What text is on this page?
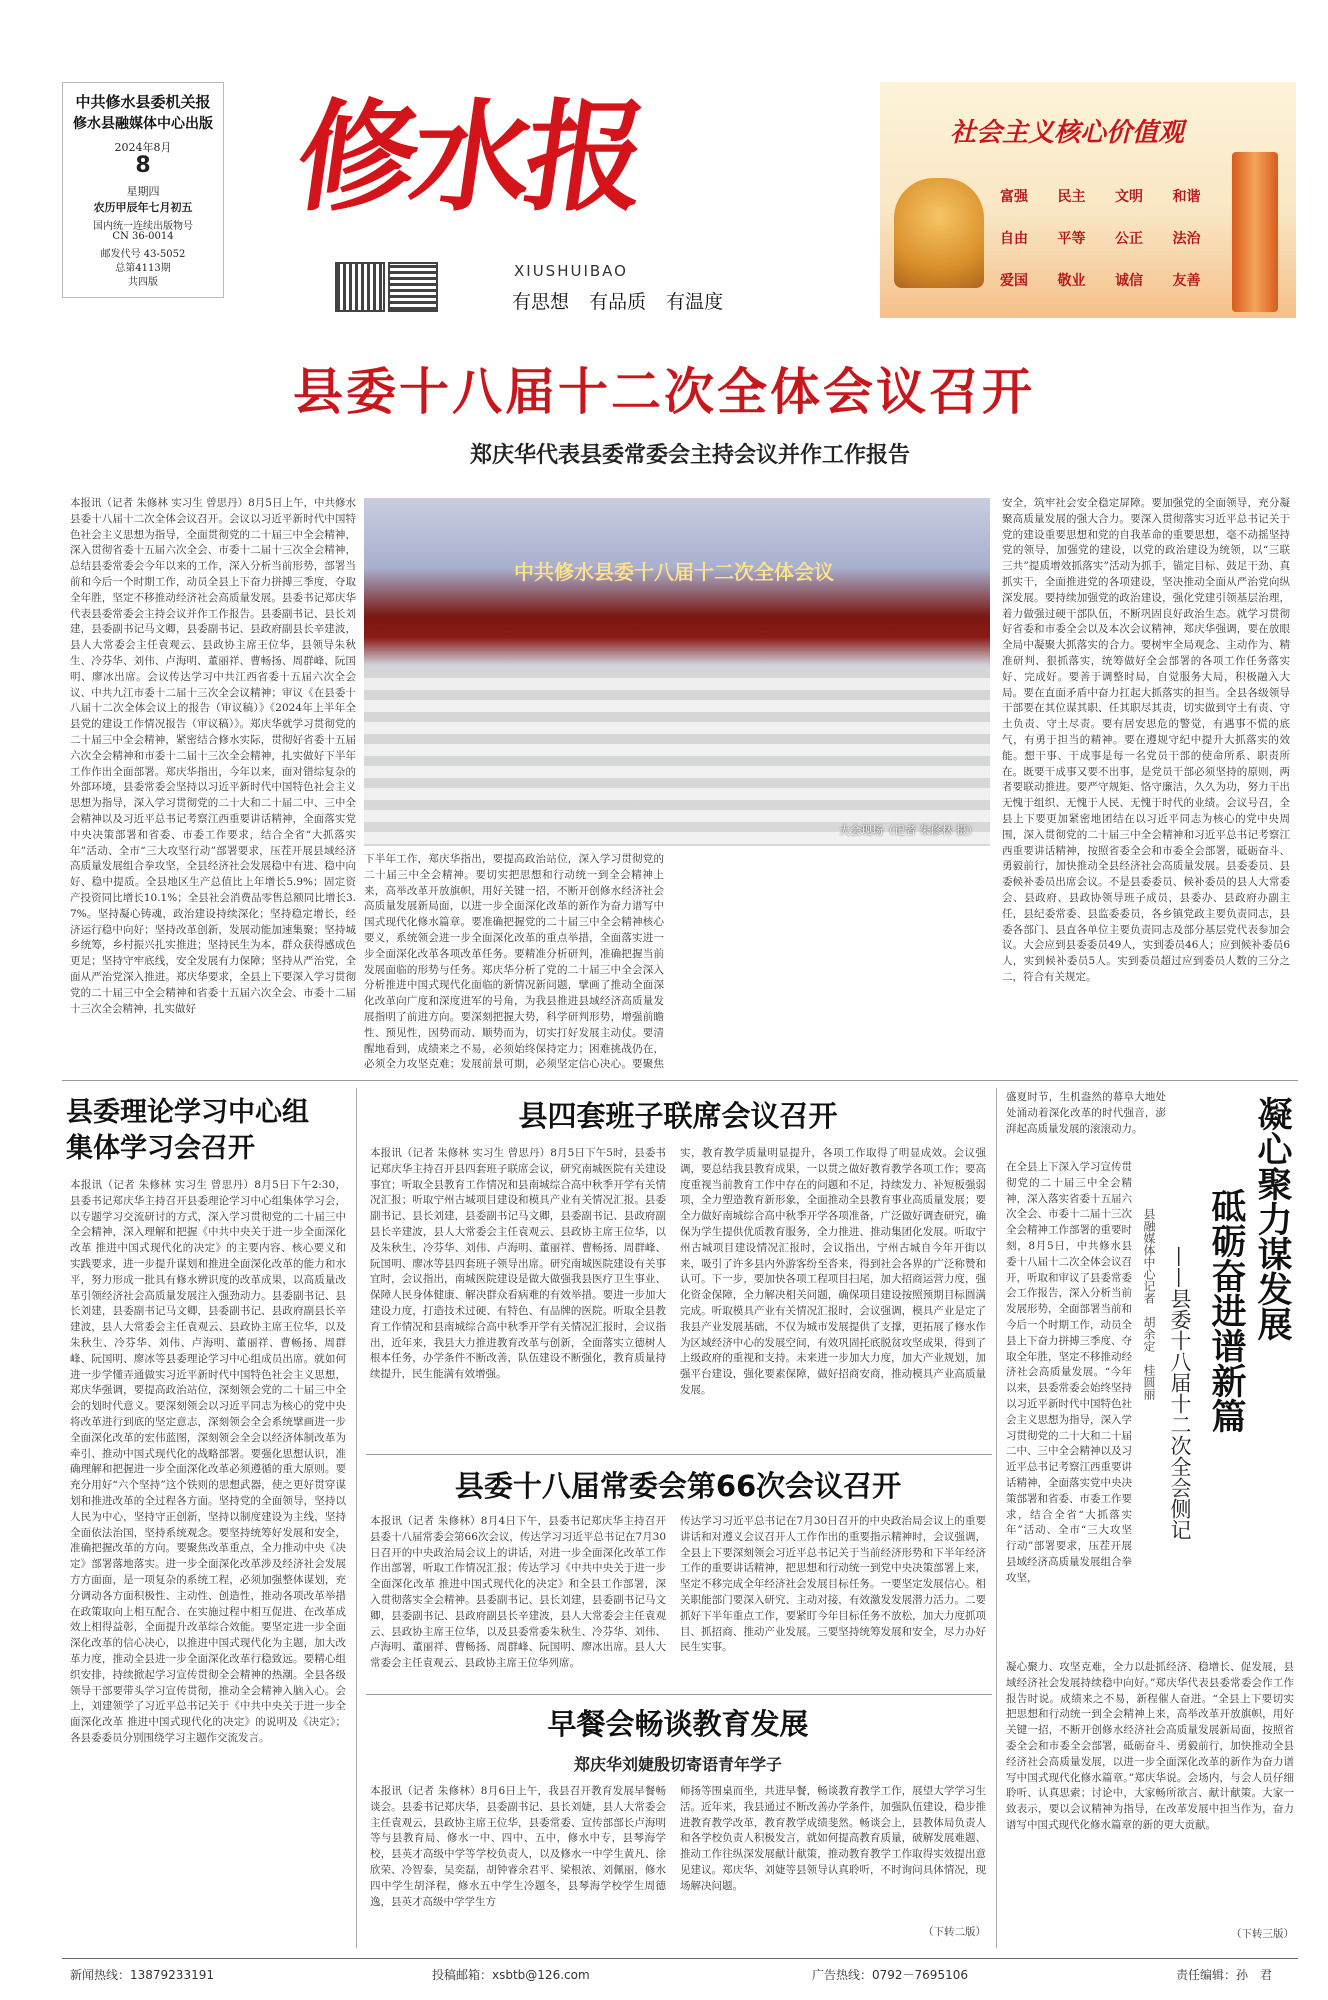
中共修水县委机关报
修水县融媒体中心出版
2024年8月
8
星期四
农历甲辰年七月初五
国内统一连续出版物号
CN 36-0014
邮发代号 43-5052
总第4113期
共四版
修水报
XIUSHUIBAO
有思想 有品质 有温度
社会主义核心价值观
富强	民主	文明	和谐
自由	平等	公正	法治
爱国	敬业	诚信	友善
县委十八届十二次全体会议召开
郑庆华代表县委常委会主持会议并作工作报告
本报讯（记者 朱修林 实习生 曾思丹）8月5日上午，中共修水县委十八届十二次全体会议召开。会议以习近平新时代中国特色社会主义思想为指导，全面贯彻党的二十届三中全会精神，深入贯彻省委十五届六次全会、市委十二届十三次全会精神，总结县委常委会今年以来的工作，深入分析当前形势，部署当前和今后一个时期工作，动员全县上下奋力拼搏三季度，夺取全年胜，坚定不移推动经济社会高质量发展。县委书记郑庆华代表县委常委会主持会议并作工作报告。县委副书记、县长刘建，县委副书记马文卿，县委副书记、县政府副县长辛建波，县人大常委会主任袁观云、县政协主席王位华，县领导朱秋生、冷芬华、刘伟、卢海明、董丽祥、曹畅扬、周群峰、阮国明、廖冰出席。会议传达学习中共江西省委十五届六次全会议、中共九江市委十二届十三次全会议精神；审议《在县委十八届十二次全体会议上的报告（审议稿）》《2024年上半年全县党的建设工作情况报告（审议稿）》。郑庆华就学习贯彻党的二十届三中全会精神，紧密结合修水实际，贯彻好省委十五届六次全会精神和市委十二届十三次全会精神，扎实做好下半年工作作出全面部署。郑庆华指出，今年以来，面对错综复杂的外部环境，县委常委会坚持以习近平新时代中国特色社会主义思想为指导，深入学习贯彻党的二十大和二十届二中、三中全会精神以及习近平总书记考察江西重要讲话精神，全面落实党中央决策部署和省委、市委工作要求，结合全省“大抓落实年”活动、全市“三大攻坚行动”部署要求，压茬开展县域经济高质量发展组合拳攻坚，全县经济社会发展稳中有进、稳中向好、稳中提质。全县地区生产总值比上年增长5.9%；固定资产投资同比增长10.1%；全县社会消费品零售总额同比增长3.7%。坚持凝心铸魂，政治建设持续深化；坚持稳定增长，经济运行稳中向好；坚持改革创新，发展动能加速集聚；坚持城乡统筹，乡村振兴扎实推进；坚持民生为本，群众获得感成色更足；坚持守牢底线，安全发展有力保障；坚持从严治党，全面从严治党深入推进。郑庆华要求，全县上下要深入学习贯彻党的二十届三中全会精神和省委十五届六次全会、市委十二届十三次全会精神，扎实做好
中共修水县委十八届十二次全体会议
大会现场（记者 朱修林 摄）
下半年工作，郑庆华指出，要提高政治站位，深入学习贯彻党的二十届三中全会精神。要切实把思想和行动统一到全会精神上来，高举改革开放旗帜，用好关键一招，不断开创修水经济社会高质量发展新局面，以进一步全面深化改革的新作为奋力谱写中国式现代化修水篇章。要准确把握党的二十届三中全会精神核心要义，系统领会进一步全面深化改革的重点举措，全面落实进一步全面深化改革各项改革任务。要精准分析研判，准确把握当前发展面临的形势与任务。郑庆华分析了党的二十届三中全会深入分析推进中国式现代化面临的新情况新问题，擘画了推动全面深化改革向广度和深度进军的号角，为我县推进县域经济高质量发展指明了前进方向。要深刻把握大势，科学研判形势，增强前瞻性、预见性，因势而动、顺势而为，切实打好发展主动仗。要清醒地看到，成绩来之不易，必须始终保持定力；困难挑战仍在，必须全力攻坚克难；发展前景可期，必须坚定信心决心。要聚焦
安全，筑牢社会安全稳定屏障。要加强党的全面领导，充分凝聚高质量发展的强大合力。要深入贯彻落实习近平总书记关于党的建设重要思想和党的自我革命的重要思想，毫不动摇坚持党的领导，加强党的建设，以党的政治建设为统领，以“三联三共”提质增效抓落实”活动为抓手，锚定目标、鼓足干劲、真抓实干，全面推进党的各项建设，坚决推动全面从严治党向纵深发展。要持续加强党的政治建设，强化党建引领基层治理，着力做强过硬干部队伍，不断巩固良好政治生态。就学习贯彻好省委和市委全会以及本次会议精神，郑庆华强调，要在放眼全局中凝聚大抓落实的合力。要树牢全局观念、主动作为、精准研判、狠抓落实，统筹做好全会部署的各项工作任务落实好、完成好。要善于调整时局，自觉服务大局，积极融入大局。要在直面矛盾中奋力扛起大抓落实的担当。全县各级领导干部要在其位谋其职、任其职尽其责，切实做到守土有责、守土负责、守土尽责。要有居安思危的警觉，有遇事不慌的底气，有勇于担当的精神。要在遵规守纪中提升大抓落实的效能。想干事、干成事是每一名党员干部的使命所系、职责所在。既要干成事又要不出事，是党员干部必须坚持的原则，两者要联动推进。要严守规矩、恪守廉洁，久久为功，努力干出无愧于组织、无愧于人民、无愧于时代的业绩。会议号召，全县上下要更加紧密地团结在以习近平同志为核心的党中央周围，深入贯彻党的二十届三中全会精神和习近平总书记考察江西重要讲话精神，按照省委全会和市委全会部署，砥砺奋斗、勇毅前行，加快推动全县经济社会高质量发展。县委委员、县委候补委员出席会议。不是县委委员、候补委员的县人大常委会、县政府、县政协领导班子成员，县委办、县政府办副主任，县纪委常委、县监委委员，各乡镇党政主要负责同志，县委各部门、县直各单位主要负责同志及部分基层党代表参加会议。大会应到县委委员49人，实到委员46人；应到候补委员6人，实到候补委员5人。实到委员超过应到委员人数的三分之二，符合有关规定。
县委理论学习中心组
集体学习会召开
本报讯（记者 朱修林 实习生 曾思丹）8月5日下午2:30，县委书记郑庆华主持召开县委理论学习中心组集体学习会，以专题学习交流研讨的方式，深入学习贯彻党的二十届三中全会精神，深入理解和把握《中共中央关于进一步全面深化改革 推进中国式现代化的决定》的主要内容、核心要义和实践要求，进一步提升谋划和推进全面深化改革的能力和水平，努力形成一批具有修水辨识度的改革成果，以高质量改革引领经济社会高质量发展注入强劲动力。县委副书记、县长刘建，县委副书记马文卿，县委副书记、县政府副县长辛建波，县人大常委会主任袁观云、县政协主席王位华，以及朱秋生、冷芬华、刘伟、卢海明、董丽祥、曹畅扬、周群峰、阮国明、廖冰等县委理论学习中心组成员出席。就如何进一步学懂弄通做实习近平新时代中国特色社会主义思想，郑庆华强调，要提高政治站位，深刻领会党的二十届三中全会的划时代意义。要深刻领会以习近平同志为核心的党中央将改革进行到底的坚定意志，深刻领会全会系统擘画进一步全面深化改革的宏伟蓝图，深刻领会全会以经济体制改革为牵引、推动中国式现代化的战略部署。要强化思想认识，准确理解和把握进一步全面深化改革必须遵循的重大原则。要充分用好“六个坚持”这个铁则的思想武器，使之更好贯穿谋划和推进改革的全过程各方面。坚持党的全面领导，坚持以人民为中心，坚持守正创新，坚持以制度建设为主线，坚持全面依法治国，坚持系统观念。要坚持统筹好发展和安全，准确把握改革的方向。要聚焦改革重点，全力推动中央《决定》部署落地落实。进一步全面深化改革涉及经济社会发展方方面面，是一项复杂的系统工程，必须加强整体谋划，充分调动各方面积极性、主动性、创造性，推动各项改革举措在政策取向上相互配合、在实施过程中相互促进、在改革成效上相得益彰，全面提升改革综合效能。要坚定进一步全面深化改革的信心决心，以推进中国式现代化为主题，加大改革力度，推动全县进一步全面深化改革行稳致远。要精心组织安排，持续掀起学习宣传贯彻全会精神的热潮。全县各级领导干部要带头学习宣传贯彻，推动全会精神入脑入心。会上，刘建领学了习近平总书记关于《中共中央关于进一步全面深化改革 推进中国式现代化的决定》的说明及《决定》；各县委委员分别围绕学习主题作交流发言。
县四套班子联席会议召开
本报讯（记者 朱修林 实习生 曾思丹）8月5日下午5时，县委书记郑庆华主持召开县四套班子联席会议，研究南城医院有关建设事宜；听取全县教育工作情况和县南城综合高中秋季开学有关情况汇报；听取宁州古城项目建设和模具产业有关情况汇报。县委副书记、县长刘建，县委副书记马文卿，县委副书记、县政府副县长辛建波，县人大常委会主任袁观云、县政协主席王位华，以及朱秋生、冷芬华、刘伟、卢海明、董丽祥、曹畅扬、周群峰、阮国明、廖冰等县四套班子领导出席。研究南城医院建设有关事宜时，会议指出，南城医院建设是做大做强我县医疗卫生事业、保障人民身体健康、解决群众看病难的有效举措。要进一步加大建设力度，打造技术过硬、有特色、有品牌的医院。听取全县教育工作情况和县南城综合高中秋季开学有关情况汇报时，会议指出，近年来，我县大力推进教育改革与创新，全面落实立德树人根本任务，办学条件不断改善，队伍建设不断强化，教育质量持续提升，民生能满有效增强。
实，教育教学质量明显提升，各项工作取得了明显成效。会议强调，要总结我县教育成果，一以贯之做好教育教学各项工作；要高度重视当前教育工作中存在的问题和不足，持续发力、补短板强弱项，全力塑造教育新形象，全面推动全县教育事业高质量发展；要全力做好南城综合高中秋季开学各项准备，广泛做好调查研究，确保为学生提供优质教育服务，全力推进、推动集团化发展。听取宁州古城项目建设情况汇报时，会议指出，宁州古城自今年开街以来，吸引了许多县内外游客纷至沓来，得到社会各界的广泛称赞和认可。下一步，要加快各项工程项目扫尾，加大招商运营力度，强化资金保障，全力解决相关问题，确保项目建设按照预期目标圆满完成。听取模具产业有关情况汇报时，会议强调，模具产业是定了我县产业发展基础，不仅为城市发展提供了支撑，更拓展了修水作为区域经济中心的发展空间，有效巩固托底脱贫攻坚成果，得到了上级政府的重视和支持。未来进一步加大力度，加大产业规划，加强平台建设，强化要素保障，做好招商安商，推动模具产业高质量发展。
县委十八届常委会第66次会议召开
本报讯（记者 朱修林）8月4日下午，县委书记郑庆华主持召开县委十八届常委会第66次会议，传达学习习近平总书记在7月30日召开的中央政治局会议上的讲话，对进一步全面深化改革工作作出部署，听取工作情况汇报；传达学习《中共中央关于进一步全面深化改革 推进中国式现代化的决定》和全县工作部署，深入贯彻落实全会精神。县委副书记、县长刘建，县委副书记马文卿，县委副书记、县政府副县长辛建波，县人大常委会主任袁观云、县政协主席王位华，以及县委常委朱秋生、冷芬华、刘伟、卢海明、董丽祥、曹畅扬、周群峰、阮国明、廖冰出席。县人大常委会主任袁观云、县政协主席王位华列席。
传达学习习近平总书记在7月30日召开的中央政治局会议上的重要讲话和对遵义会议召开人工作作出的重要指示精神时，会议强调，全县上下要深刻领会习近平总书记关于当前经济形势和下半年经济工作的重要讲话精神，把思想和行动统一到党中央决策部署上来，坚定不移完成全年经济社会发展目标任务。一要坚定发展信心。相关职能部门要深入研究、主动对接，有效激发发展潜力活力。二要抓好下半年重点工作，要紧盯今年目标任务不放松，加大力度抓项目、抓招商、推动产业发展。三要坚持统筹发展和安全，尽力办好民生实事。
早餐会畅谈教育发展
郑庆华刘婕殷切寄语青年学子
本报讯（记者 朱修林）8月6日上午，我县召开教育发展早餐畅谈会。县委书记郑庆华，县委副书记、县长刘婕，县人大常委会主任袁观云，县政协主席王位华，县委常委、宣传部部长卢海明等与县教育局、修水一中、四中、五中，修水中专，县琴海学校，县英才高级中学等学校负责人，以及修水一中学生黄凡、徐欣荣、冷智泰，吴奕磊，胡钟睿余君平、梁根浓、刘佩丽，修水四中学生胡泽程，修水五中学生冷题冬，县琴海学校学生周德逸，县英才高级中学学生方
师扬等围桌而坐，共进早餐，畅谈教育教学工作，展望大学学习生活。近年来，我县通过不断改善办学条件，加强队伍建设，稳步推进教育教学改革，教育教学成绩斐然。畅谈会上，县教体局负责人和各学校负责人积极发言，就如何提高教育质量，破解发展难题、推动工作往纵深发展献计献策，推动教育教学工作取得实效提出意见建议。郑庆华、刘婕等县领导认真聆听，不时询问具体情况，现场解决问题。
（下转二版）
盛夏时节，生机盎然的幕阜大地处处涌动着深化改革的时代强音，澎湃起高质量发展的滚滚动力。
在全县上下深入学习宣传贯彻党的二十届三中全会精神，深入落实省委十五届六次全会、市委十二届十三次全会精神工作部署的重要时刻，8月5日，中共修水县委十八届十二次全体会议召开，听取和审议了县委常委会工作报告，深入分析当前发展形势，全面部署当前和今后一个时期工作，动员全县上下奋力拼搏三季度、夺取全年胜，坚定不移推动经济社会高质量发展。“今年以来，县委常委会始终坚持以习近平新时代中国特色社会主义思想为指导，深入学习贯彻党的二十大和二十届二中、三中全会精神以及习近平总书记考察江西重要讲话精神，全面落实党中央决策部署和省委、市委工作要求，结合全省“大抓落实年”活动、全市“三大攻坚行动”部署要求，压茬开展县域经济高质量发展组合拳攻坚，
县融媒体中心记者　胡余定　桂圆丽 ——县委十八届十二次全会侧记 砥砺奋进谱新篇 凝心聚力谋发展
凝心聚力、攻坚克难，全力以赴抓经济、稳增长、促发展，县域经济社会发展持续稳中向好。”郑庆华代表县委常委会作工作报告时说。成绩来之不易，新程催人奋进。“全县上下要切实把思想和行动统一到全会精神上来，高举改革开放旗帜，用好关键一招，不断开创修水经济社会高质量发展新局面，按照省委全会和市委全会部署，砥砺奋斗、勇毅前行，加快推动全县经济社会高质量发展，以进一步全面深化改革的新作为奋力谱写中国式现代化修水篇章。”郑庆华说。会场内，与会人员仔细聆听、认真思索；讨论中，大家畅所欲言、献计献策。大家一致表示，要以会议精神为指导，在改革发展中担当作为，奋力谱写中国式现代化修水篇章的新的更大贡献。
（下转三版）
新闻热线：13879233191	投稿邮箱：xsbtb@126.com	广告热线：0792－7695106	责任编辑：孙　君
